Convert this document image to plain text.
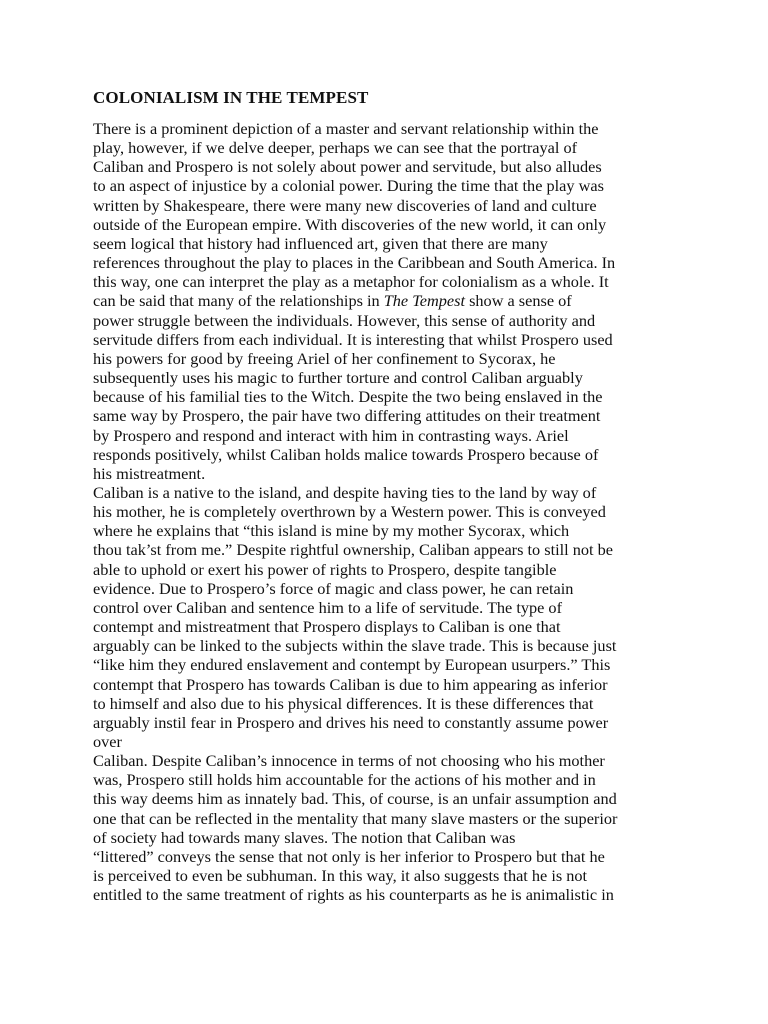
COLONIALISM IN THE TEMPEST
There is a prominent depiction of a master and servant relationship within the
play, however, if we delve deeper, perhaps we can see that the portrayal of
Caliban and Prospero is not solely about power and servitude, but also alludes
to an aspect of injustice by a colonial power. During the time that the play was
written by Shakespeare, there were many new discoveries of land and culture
outside of the European empire. With discoveries of the new world, it can only
seem logical that history had influenced art, given that there are many
references throughout the play to places in the Caribbean and South America. In
this way, one can interpret the play as a metaphor for colonialism as a whole. It
can be said that many of the relationships in The Tempest show a sense of
power struggle between the individuals. However, this sense of authority and
servitude differs from each individual. It is interesting that whilst Prospero used
his powers for good by freeing Ariel of her confinement to Sycorax, he
subsequently uses his magic to further torture and control Caliban arguably
because of his familial ties to the Witch. Despite the two being enslaved in the
same way by Prospero, the pair have two differing attitudes on their treatment
by Prospero and respond and interact with him in contrasting ways. Ariel
responds positively, whilst Caliban holds malice towards Prospero because of
his mistreatment.
Caliban is a native to the island, and despite having ties to the land by way of
his mother, he is completely overthrown by a Western power. This is conveyed
where he explains that “this island is mine by my mother Sycorax, which
thou tak’st from me.” Despite rightful ownership, Caliban appears to still not be
able to uphold or exert his power of rights to Prospero, despite tangible
evidence. Due to Prospero’s force of magic and class power, he can retain
control over Caliban and sentence him to a life of servitude. The type of
contempt and mistreatment that Prospero displays to Caliban is one that
arguably can be linked to the subjects within the slave trade. This is because just
“like him they endured enslavement and contempt by European usurpers.” This
contempt that Prospero has towards Caliban is due to him appearing as inferior
to himself and also due to his physical differences. It is these differences that
arguably instil fear in Prospero and drives his need to constantly assume power
over
Caliban. Despite Caliban’s innocence in terms of not choosing who his mother
was, Prospero still holds him accountable for the actions of his mother and in
this way deems him as innately bad. This, of course, is an unfair assumption and
one that can be reflected in the mentality that many slave masters or the superior
of society had towards many slaves. The notion that Caliban was
“littered” conveys the sense that not only is her inferior to Prospero but that he
is perceived to even be subhuman. In this way, it also suggests that he is not
entitled to the same treatment of rights as his counterparts as he is animalistic in
